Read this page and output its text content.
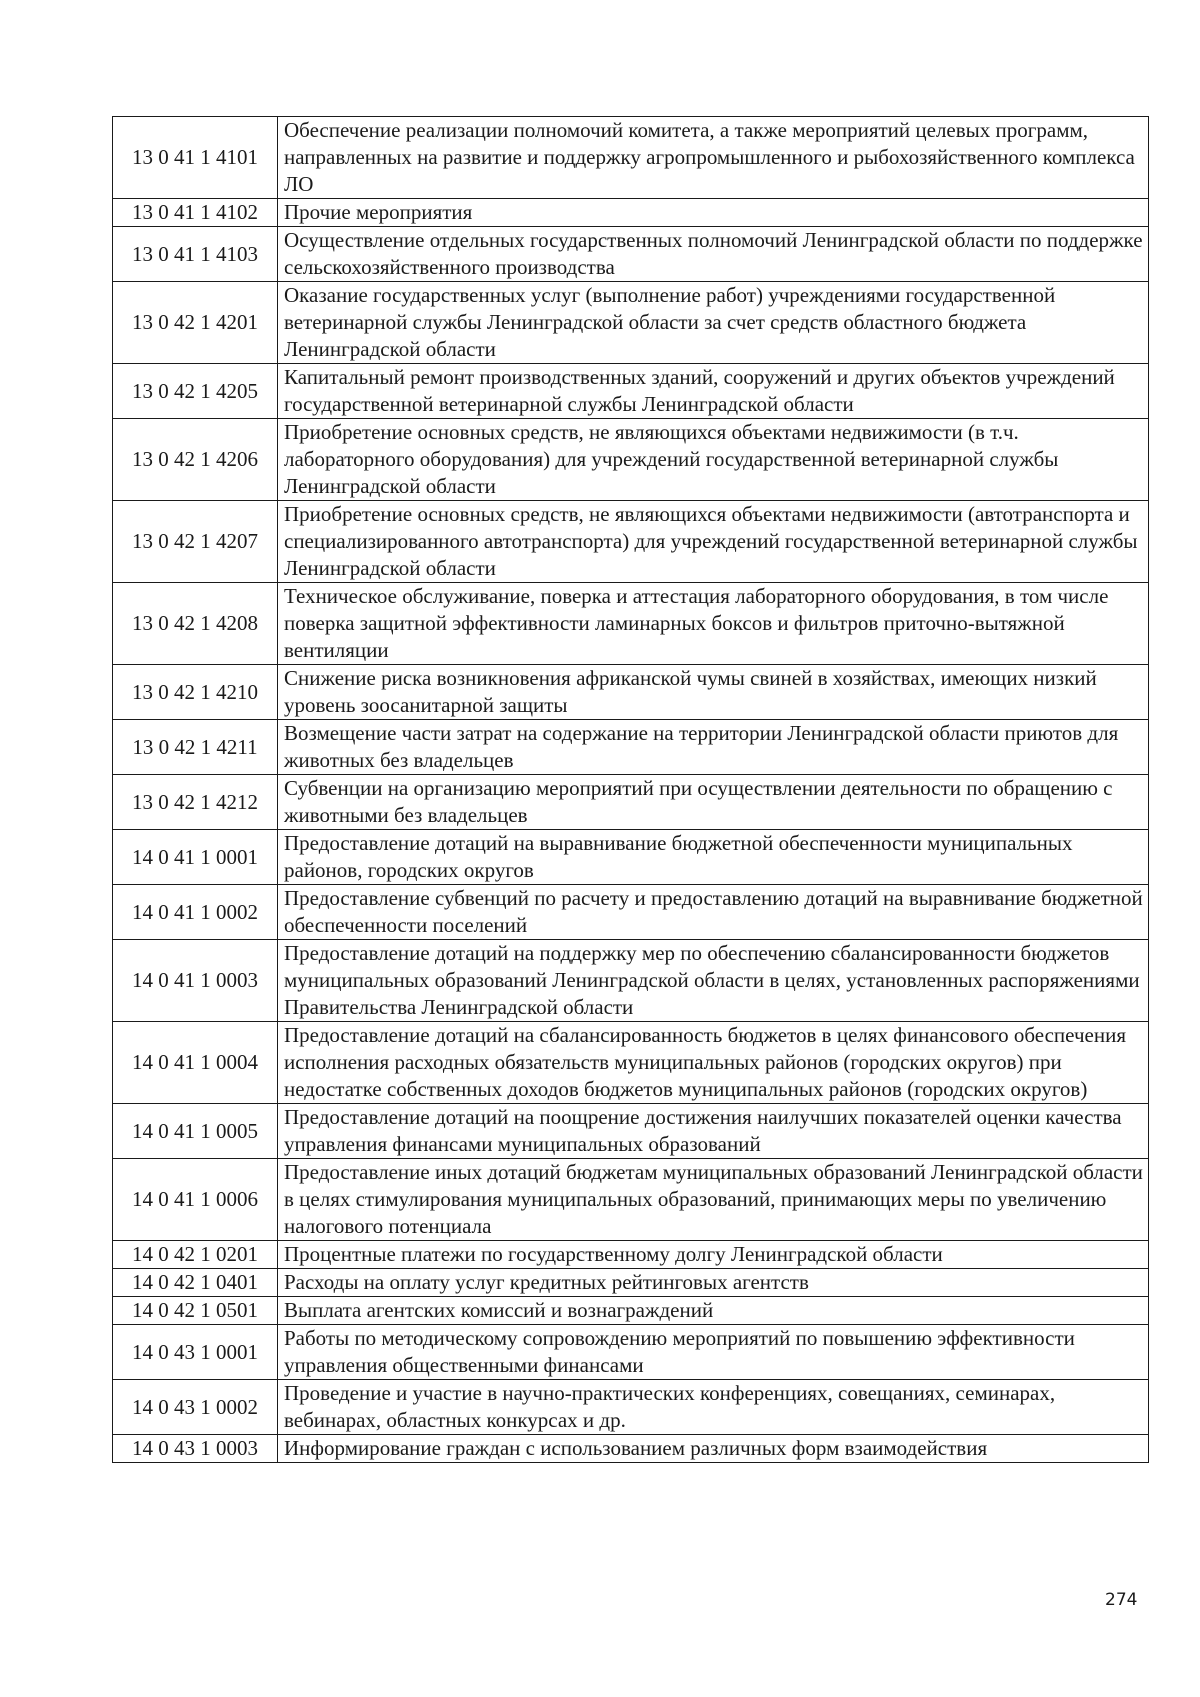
13 0 41 1 4101	Обеспечение реализации полномочий комитета, а также мероприятий целевых программ, направленных на развитие и поддержку агропромышленного и рыбохозяйственного комплекса ЛО
13 0 41 1 4102	Прочие мероприятия
13 0 41 1 4103	Осуществление отдельных государственных полномочий Ленинградской области по поддержке сельскохозяйственного производства
13 0 42 1 4201	Оказание государственных услуг (выполнение работ) учреждениями государственной ветеринарной службы Ленинградской области за счет средств областного бюджета Ленинградской области
13 0 42 1 4205	Капитальный ремонт производственных зданий, сооружений и других объектов учреждений государственной ветеринарной службы Ленинградской области
13 0 42 1 4206	Приобретение основных средств, не являющихся объектами недвижимости (в т.ч. лабораторного оборудования) для учреждений государственной ветеринарной службы Ленинградской области
13 0 42 1 4207	Приобретение основных средств, не являющихся объектами недвижимости (автотранспорта и специализированного автотранспорта) для учреждений государственной ветеринарной службы Ленинградской области
13 0 42 1 4208	Техническое обслуживание, поверка и аттестация лабораторного оборудования, в том числе поверка защитной эффективности ламинарных боксов и фильтров приточно-вытяжной вентиляции
13 0 42 1 4210	Снижение риска возникновения африканской чумы свиней в хозяйствах, имеющих низкий уровень зоосанитарной защиты
13 0 42 1 4211	Возмещение части затрат на содержание на территории Ленинградской области приютов для животных без владельцев
13 0 42 1 4212	Субвенции на организацию мероприятий при осуществлении деятельности по обращению с животными без владельцев
14 0 41 1 0001	Предоставление дотаций на выравнивание бюджетной обеспеченности муниципальных районов, городских округов
14 0 41 1 0002	Предоставление субвенций по расчету и предоставлению дотаций на выравнивание бюджетной обеспеченности поселений
14 0 41 1 0003	Предоставление дотаций на поддержку мер по обеспечению сбалансированности бюджетов муниципальных образований Ленинградской области в целях, установленных распоряжениями Правительства Ленинградской области
14 0 41 1 0004	Предоставление дотаций на сбалансированность бюджетов в целях финансового обеспечения исполнения расходных обязательств муниципальных районов (городских округов) при недостатке собственных доходов бюджетов муниципальных районов (городских округов)
14 0 41 1 0005	Предоставление дотаций на поощрение достижения наилучших показателей оценки качества управления финансами муниципальных образований
14 0 41 1 0006	Предоставление иных дотаций бюджетам муниципальных образований Ленинградской области в целях стимулирования муниципальных образований, принимающих меры по увеличению налогового потенциала
14 0 42 1 0201	Процентные платежи по государственному долгу Ленинградской области
14 0 42 1 0401	Расходы на оплату услуг кредитных рейтинговых агентств
14 0 42 1 0501	Выплата агентских комиссий и вознаграждений
14 0 43 1 0001	Работы по методическому сопровождению мероприятий по повышению эффективности управления общественными финансами
14 0 43 1 0002	Проведение и участие в научно-практических конференциях, совещаниях, семинарах, вебинарах, областных конкурсах и др.
14 0 43 1 0003	Информирование граждан с использованием различных форм взаимодействия
274
